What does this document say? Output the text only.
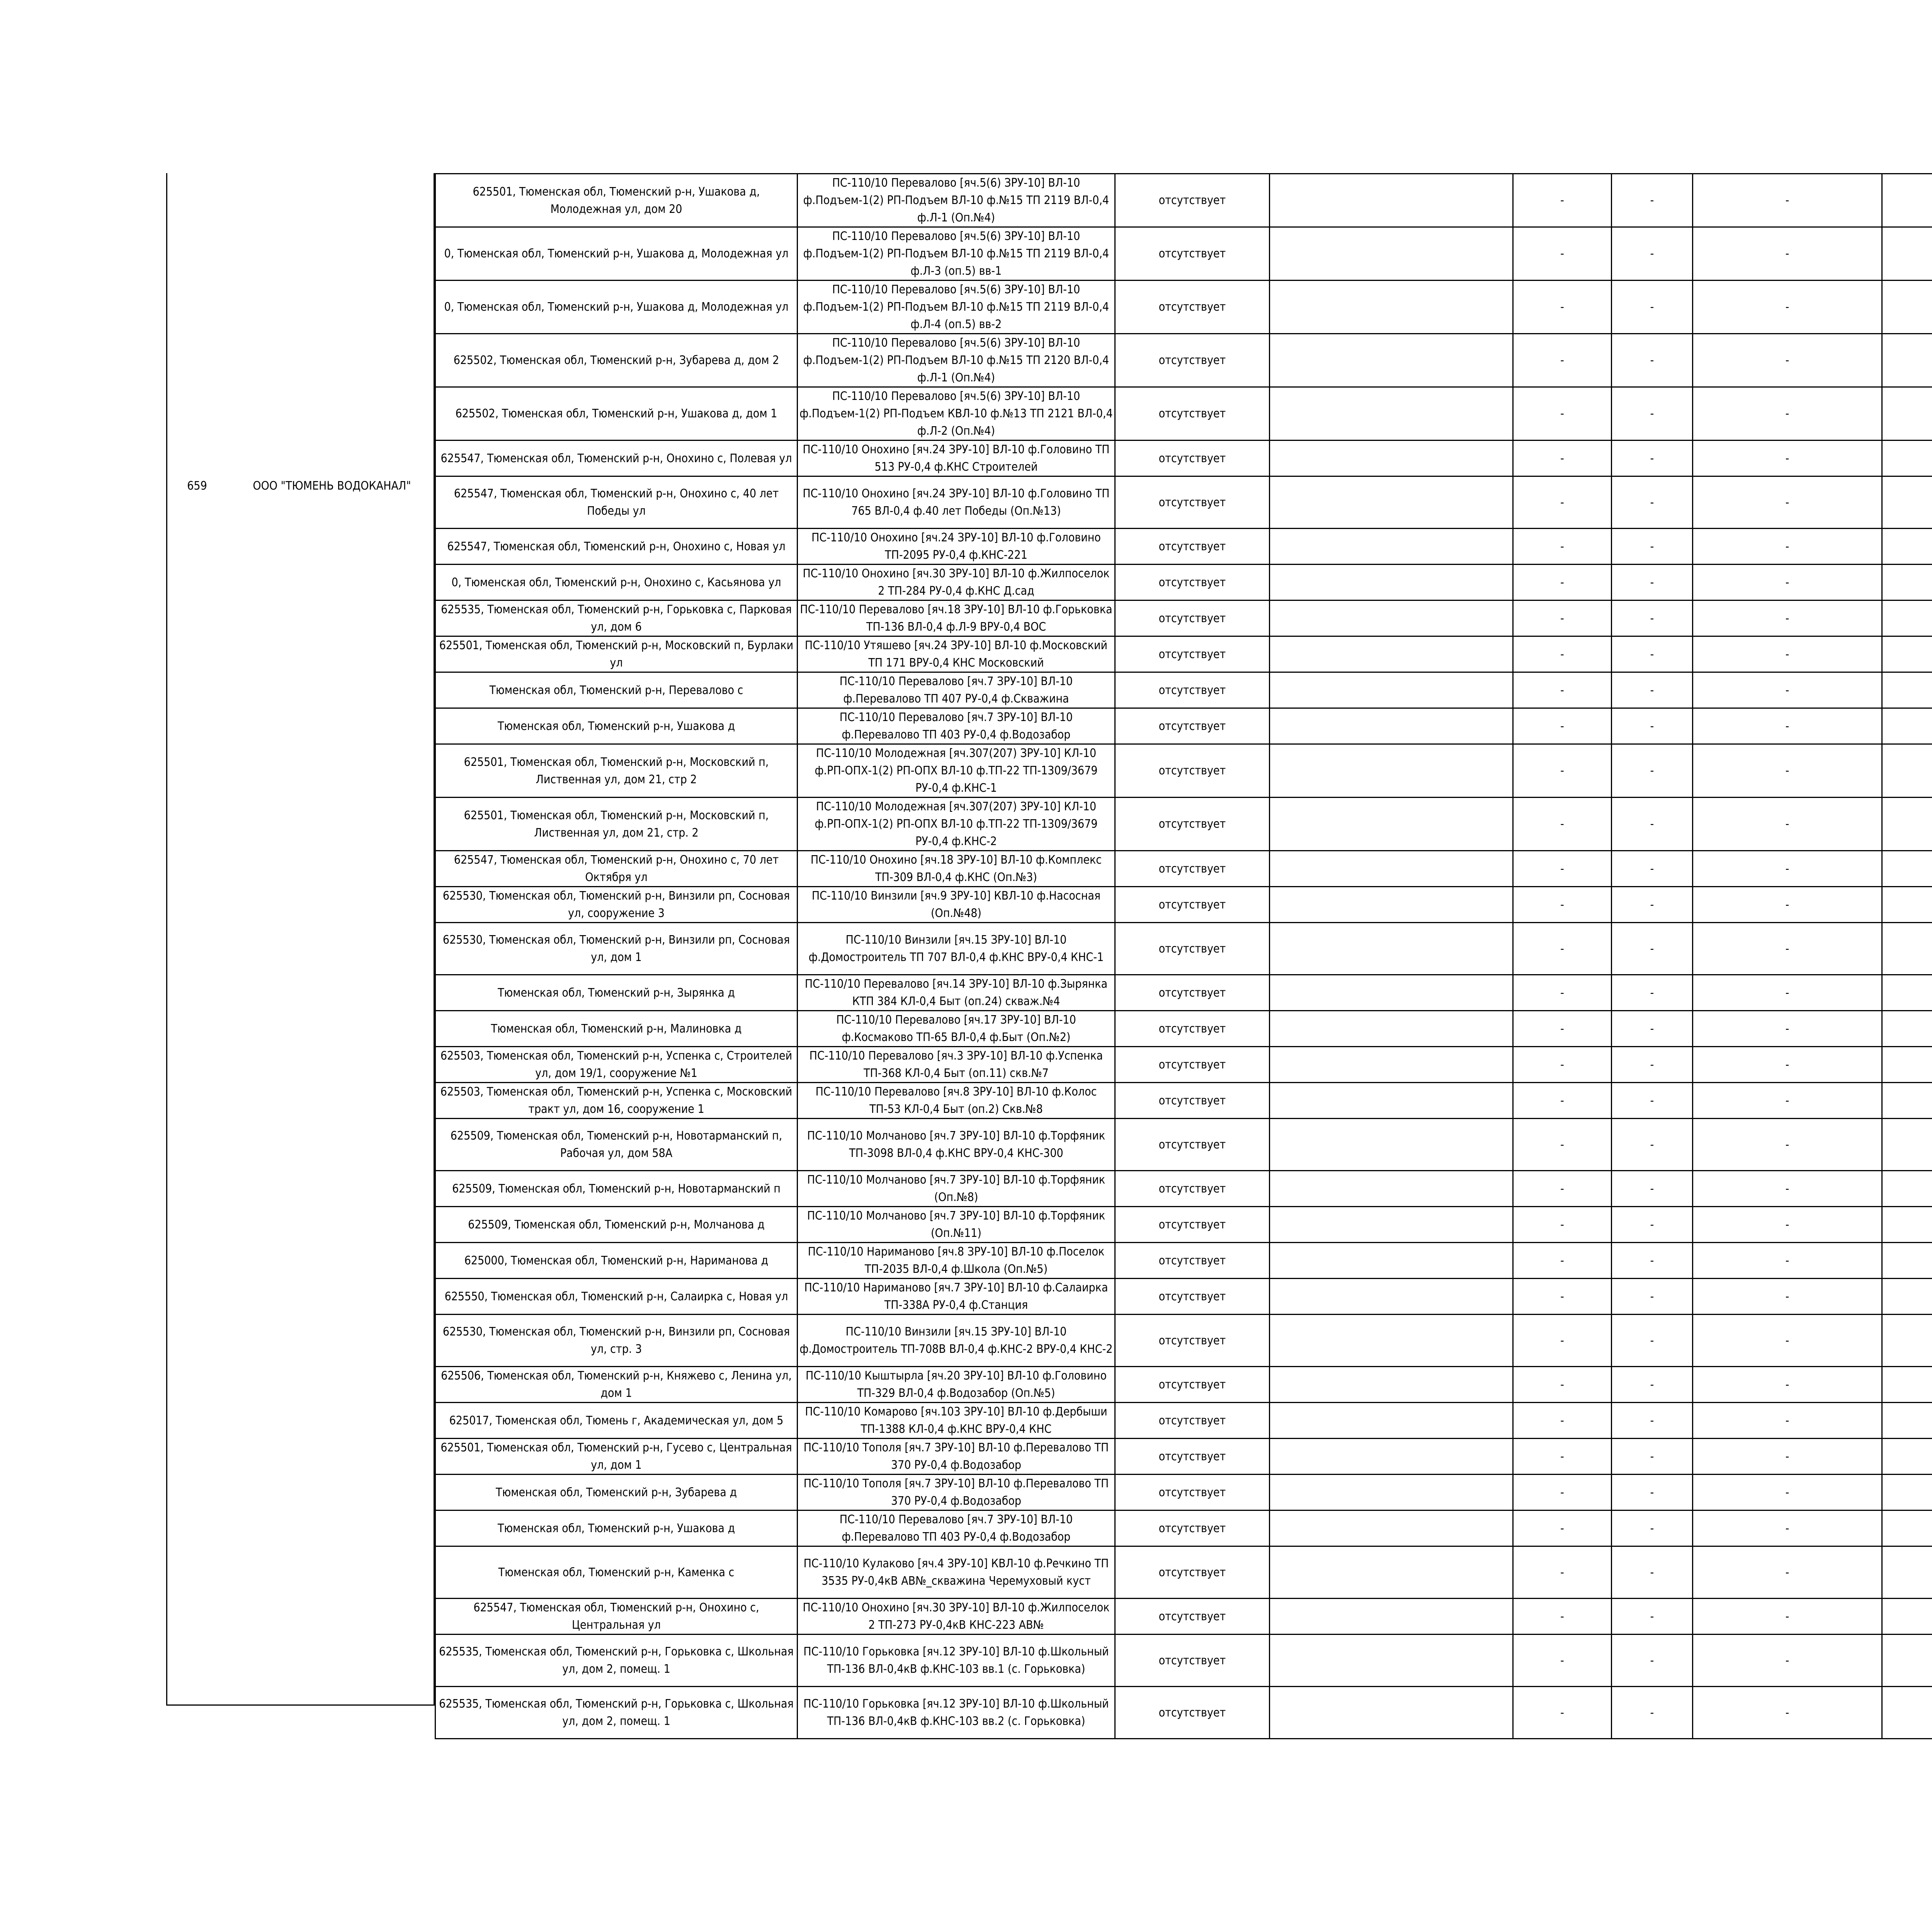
659	ООО "ТЮМЕНЬ ВОДОКАНАЛ"
625501, Тюменская обл, Тюменский р-н, Ушакова д, Молодежная ул, дом 20	ПС-110/10 Перевалово [яч.5(6) ЗРУ-10] ВЛ-10 ф.Подъем-1(2) РП-Подъем ВЛ-10 ф.№15 ТП 2119 ВЛ-0,4 ф.Л-1 (Оп.№4)	отсутствует		-	-	-		
0, Тюменская обл, Тюменский р-н, Ушакова д, Молодежная ул	ПС-110/10 Перевалово [яч.5(6) ЗРУ-10] ВЛ-10 ф.Подъем-1(2) РП-Подъем ВЛ-10 ф.№15 ТП 2119 ВЛ-0,4 ф.Л-3 (оп.5) вв-1	отсутствует		-	-	-		
0, Тюменская обл, Тюменский р-н, Ушакова д, Молодежная ул	ПС-110/10 Перевалово [яч.5(6) ЗРУ-10] ВЛ-10 ф.Подъем-1(2) РП-Подъем ВЛ-10 ф.№15 ТП 2119 ВЛ-0,4 ф.Л-4 (оп.5) вв-2	отсутствует		-	-	-		
625502, Тюменская обл, Тюменский р-н, Зубарева д, дом 2	ПС-110/10 Перевалово [яч.5(6) ЗРУ-10] ВЛ-10 ф.Подъем-1(2) РП-Подъем ВЛ-10 ф.№15 ТП 2120 ВЛ-0,4 ф.Л-1 (Оп.№4)	отсутствует		-	-	-		
625502, Тюменская обл, Тюменский р-н, Ушакова д, дом 1	ПС-110/10 Перевалово [яч.5(6) ЗРУ-10] ВЛ-10 ф.Подъем-1(2) РП-Подъем КВЛ-10 ф.№13 ТП 2121 ВЛ-0,4 ф.Л-2 (Оп.№4)	отсутствует		-	-	-		
625547, Тюменская обл, Тюменский р-н, Онохино с, Полевая ул	ПС-110/10 Онохино [яч.24 ЗРУ-10] ВЛ-10 ф.Головино ТП 513 РУ-0,4 ф.КНС Строителей	отсутствует		-	-	-		
625547, Тюменская обл, Тюменский р-н, Онохино с, 40 лет Победы ул	ПС-110/10 Онохино [яч.24 ЗРУ-10] ВЛ-10 ф.Головино ТП 765 ВЛ-0,4 ф.40 лет Победы (Оп.№13)	отсутствует		-	-	-		
625547, Тюменская обл, Тюменский р-н, Онохино с, Новая ул	ПС-110/10 Онохино [яч.24 ЗРУ-10] ВЛ-10 ф.Головино ТП-2095 РУ-0,4 ф.КНС-221	отсутствует		-	-	-		
0, Тюменская обл, Тюменский р-н, Онохино с, Касьянова ул	ПС-110/10 Онохино [яч.30 ЗРУ-10] ВЛ-10 ф.Жилпоселок 2 ТП-284 РУ-0,4 ф.КНС Д.сад	отсутствует		-	-	-		
625535, Тюменская обл, Тюменский р-н, Горьковка с, Парковая ул, дом 6	ПС-110/10 Перевалово [яч.18 ЗРУ-10] ВЛ-10 ф.Горьковка ТП-136 ВЛ-0,4 ф.Л-9 ВРУ-0,4 ВОС	отсутствует		-	-	-		
625501, Тюменская обл, Тюменский р-н, Московский п, Бурлаки ул	ПС-110/10 Утяшево [яч.24 ЗРУ-10] ВЛ-10 ф.Московский ТП 171 ВРУ-0,4 КНС Московский	отсутствует		-	-	-		
Тюменская обл, Тюменский р-н, Перевалово с	ПС-110/10 Перевалово [яч.7 ЗРУ-10] ВЛ-10 ф.Перевалово ТП 407 РУ-0,4 ф.Скважина	отсутствует		-	-	-		
Тюменская обл, Тюменский р-н, Ушакова д	ПС-110/10 Перевалово [яч.7 ЗРУ-10] ВЛ-10 ф.Перевалово ТП 403 РУ-0,4 ф.Водозабор	отсутствует		-	-	-		
625501, Тюменская обл, Тюменский р-н, Московский п, Лиственная ул, дом 21, стр 2	ПС-110/10 Молодежная [яч.307(207) ЗРУ-10] КЛ-10 ф.РП-ОПХ-1(2) РП-ОПХ ВЛ-10 ф.ТП-22 ТП-1309/3679 РУ-0,4 ф.КНС-1	отсутствует		-	-	-		
625501, Тюменская обл, Тюменский р-н, Московский п, Лиственная ул, дом 21, стр. 2	ПС-110/10 Молодежная [яч.307(207) ЗРУ-10] КЛ-10 ф.РП-ОПХ-1(2) РП-ОПХ ВЛ-10 ф.ТП-22 ТП-1309/3679 РУ-0,4 ф.КНС-2	отсутствует		-	-	-		
625547, Тюменская обл, Тюменский р-н, Онохино с, 70 лет Октября ул	ПС-110/10 Онохино [яч.18 ЗРУ-10] ВЛ-10 ф.Комплекс ТП-309 ВЛ-0,4 ф.КНС (Оп.№3)	отсутствует		-	-	-		
625530, Тюменская обл, Тюменский р-н, Винзили рп, Сосновая ул, сооружение 3	ПС-110/10 Винзили [яч.9 ЗРУ-10] КВЛ-10 ф.Насосная (Оп.№48)	отсутствует		-	-	-		
625530, Тюменская обл, Тюменский р-н, Винзили рп, Сосновая ул, дом 1	ПС-110/10 Винзили [яч.15 ЗРУ-10] ВЛ-10 ф.Домостроитель ТП 707 ВЛ-0,4 ф.КНС ВРУ-0,4 КНС-1	отсутствует		-	-	-		
Тюменская обл, Тюменский р-н, Зырянка д	ПС-110/10 Перевалово [яч.14 ЗРУ-10] ВЛ-10 ф.Зырянка КТП 384 КЛ-0,4 Быт (оп.24) скваж.№4	отсутствует		-	-	-		
Тюменская обл, Тюменский р-н, Малиновка д	ПС-110/10 Перевалово [яч.17 ЗРУ-10] ВЛ-10 ф.Космаково ТП-65 ВЛ-0,4 ф.Быт (Оп.№2)	отсутствует		-	-	-		
625503, Тюменская обл, Тюменский р-н, Успенка с, Строителей ул, дом 19/1, сооружение №1	ПС-110/10 Перевалово [яч.3 ЗРУ-10] ВЛ-10 ф.Успенка ТП-368 КЛ-0,4 Быт (оп.11) скв.№7	отсутствует		-	-	-		
625503, Тюменская обл, Тюменский р-н, Успенка с, Московский тракт ул, дом 16, сооружение 1	ПС-110/10 Перевалово [яч.8 ЗРУ-10] ВЛ-10 ф.Колос ТП-53 КЛ-0,4 Быт (оп.2) Скв.№8	отсутствует		-	-	-		
625509, Тюменская обл, Тюменский р-н, Новотарманский п, Рабочая ул, дом 58А	ПС-110/10 Молчаново [яч.7 ЗРУ-10] ВЛ-10 ф.Торфяник ТП-3098 ВЛ-0,4 ф.КНС ВРУ-0,4 КНС-300	отсутствует		-	-	-		
625509, Тюменская обл, Тюменский р-н, Новотарманский п	ПС-110/10 Молчаново [яч.7 ЗРУ-10] ВЛ-10 ф.Торфяник (Оп.№8)	отсутствует		-	-	-		
625509, Тюменская обл, Тюменский р-н, Молчанова д	ПС-110/10 Молчаново [яч.7 ЗРУ-10] ВЛ-10 ф.Торфяник (Оп.№11)	отсутствует		-	-	-		
625000, Тюменская обл, Тюменский р-н, Нариманова д	ПС-110/10 Нариманово [яч.8 ЗРУ-10] ВЛ-10 ф.Поселок ТП-2035 ВЛ-0,4 ф.Школа (Оп.№5)	отсутствует		-	-	-		
625550, Тюменская обл, Тюменский р-н, Салаирка с, Новая ул	ПС-110/10 Нариманово [яч.7 ЗРУ-10] ВЛ-10 ф.Салаирка ТП-338А РУ-0,4 ф.Станция	отсутствует		-	-	-		
625530, Тюменская обл, Тюменский р-н, Винзили рп, Сосновая ул, стр. 3	ПС-110/10 Винзили [яч.15 ЗРУ-10] ВЛ-10 ф.Домостроитель ТП-708В ВЛ-0,4 ф.КНС-2 ВРУ-0,4 КНС-2	отсутствует		-	-	-		
625506, Тюменская обл, Тюменский р-н, Княжево с, Ленина ул, дом 1	ПС-110/10 Кыштырла [яч.20 ЗРУ-10] ВЛ-10 ф.Головино ТП-329 ВЛ-0,4 ф.Водозабор (Оп.№5)	отсутствует		-	-	-		
625017, Тюменская обл, Тюмень г, Академическая ул, дом 5	ПС-110/10 Комарово [яч.103 ЗРУ-10] ВЛ-10 ф.Дербыши ТП-1388 КЛ-0,4 ф.КНС ВРУ-0,4 КНС	отсутствует		-	-	-		
625501, Тюменская обл, Тюменский р-н, Гусево с, Центральная ул, дом 1	ПС-110/10 Тополя [яч.7 ЗРУ-10] ВЛ-10 ф.Перевалово ТП 370 РУ-0,4 ф.Водозабор	отсутствует		-	-	-		
Тюменская обл, Тюменский р-н, Зубарева д	ПС-110/10 Тополя [яч.7 ЗРУ-10] ВЛ-10 ф.Перевалово ТП 370 РУ-0,4 ф.Водозабор	отсутствует		-	-	-		
Тюменская обл, Тюменский р-н, Ушакова д	ПС-110/10 Перевалово [яч.7 ЗРУ-10] ВЛ-10 ф.Перевалово ТП 403 РУ-0,4 ф.Водозабор	отсутствует		-	-	-		
Тюменская обл, Тюменский р-н, Каменка с	ПС-110/10 Кулаково [яч.4 ЗРУ-10] КВЛ-10 ф.Речкино ТП 3535 РУ-0,4кВ АВ№_скважина Черемуховый куст	отсутствует		-	-	-		
625547, Тюменская обл, Тюменский р-н, Онохино с, Центральная ул	ПС-110/10 Онохино [яч.30 ЗРУ-10] ВЛ-10 ф.Жилпоселок 2 ТП-273 РУ-0,4кВ КНС-223 АВ№	отсутствует		-	-	-		
625535, Тюменская обл, Тюменский р-н, Горьковка с, Школьная ул, дом 2, помещ. 1	ПС-110/10 Горьковка [яч.12 ЗРУ-10] ВЛ-10 ф.Школьный ТП-136 ВЛ-0,4кВ ф.КНС-103 вв.1 (с. Горьковка)	отсутствует		-	-	-		
625535, Тюменская обл, Тюменский р-н, Горьковка с, Школьная ул, дом 2, помещ. 1	ПС-110/10 Горьковка [яч.12 ЗРУ-10] ВЛ-10 ф.Школьный ТП-136 ВЛ-0,4кВ ф.КНС-103 вв.2 (с. Горьковка)	отсутствует		-	-	-		
